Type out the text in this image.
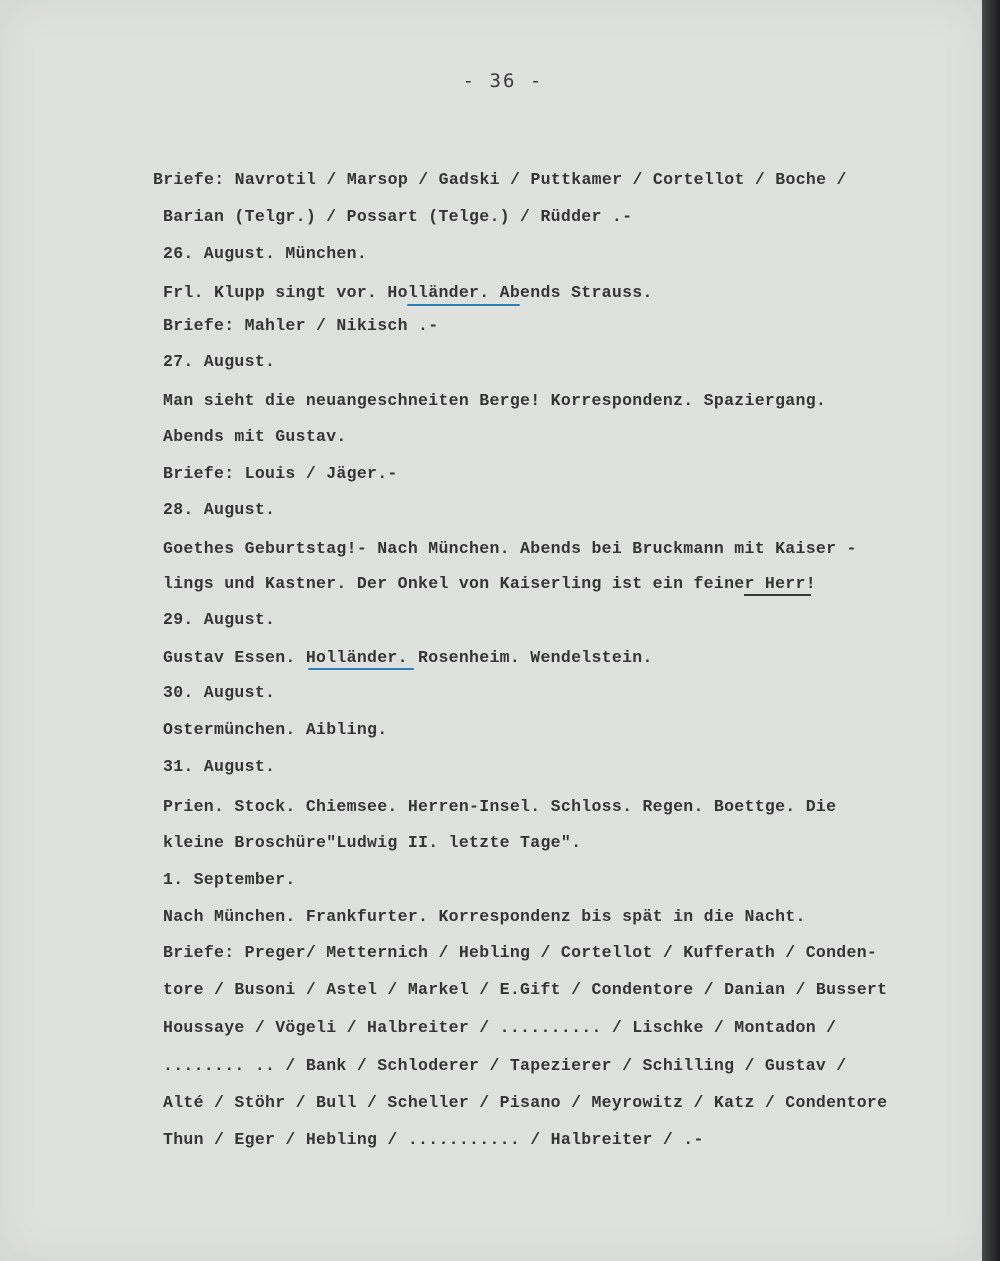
- 36 -
Briefe: Navrotil / Marsop / Gadski / Puttkamer / Cortellot / Boche /
Barian (Telgr.) / Possart (Telge.) / Rüdder .-
26. August. München.
Frl. Klupp singt vor. Holländer. Abends Strauss.
Briefe: Mahler / Nikisch .-
27. August.
Man sieht die neuangeschneiten Berge! Korrespondenz. Spaziergang.
Abends mit Gustav.
Briefe: Louis / Jäger.-
28. August.
Goethes Geburtstag!- Nach München. Abends bei Bruckmann mit Kaiser -
lings und Kastner. Der Onkel von Kaiserling ist ein feiner Herr!
29. August.
Gustav Essen. Holländer. Rosenheim. Wendelstein.
30. August.
Ostermünchen. Aibling.
31. August.
Prien. Stock. Chiemsee. Herren-Insel. Schloss. Regen. Boettge. Die
kleine Broschüre"Ludwig II. letzte Tage".
1. September.
Nach München. Frankfurter. Korrespondenz bis spät in die Nacht.
Briefe: Preger/ Metternich / Hebling / Cortellot / Kufferath / Conden-
tore / Busoni / Astel / Markel / E.Gift / Condentore / Danian / Bussert
Houssaye / Vögeli / Halbreiter / .......... / Lischke / Montadon /
........ .. / Bank / Schloderer / Tapezierer / Schilling / Gustav /
Alté / Stöhr / Bull / Scheller / Pisano / Meyrowitz / Katz / Condentore
Thun / Eger / Hebling / ........... / Halbreiter / .-
